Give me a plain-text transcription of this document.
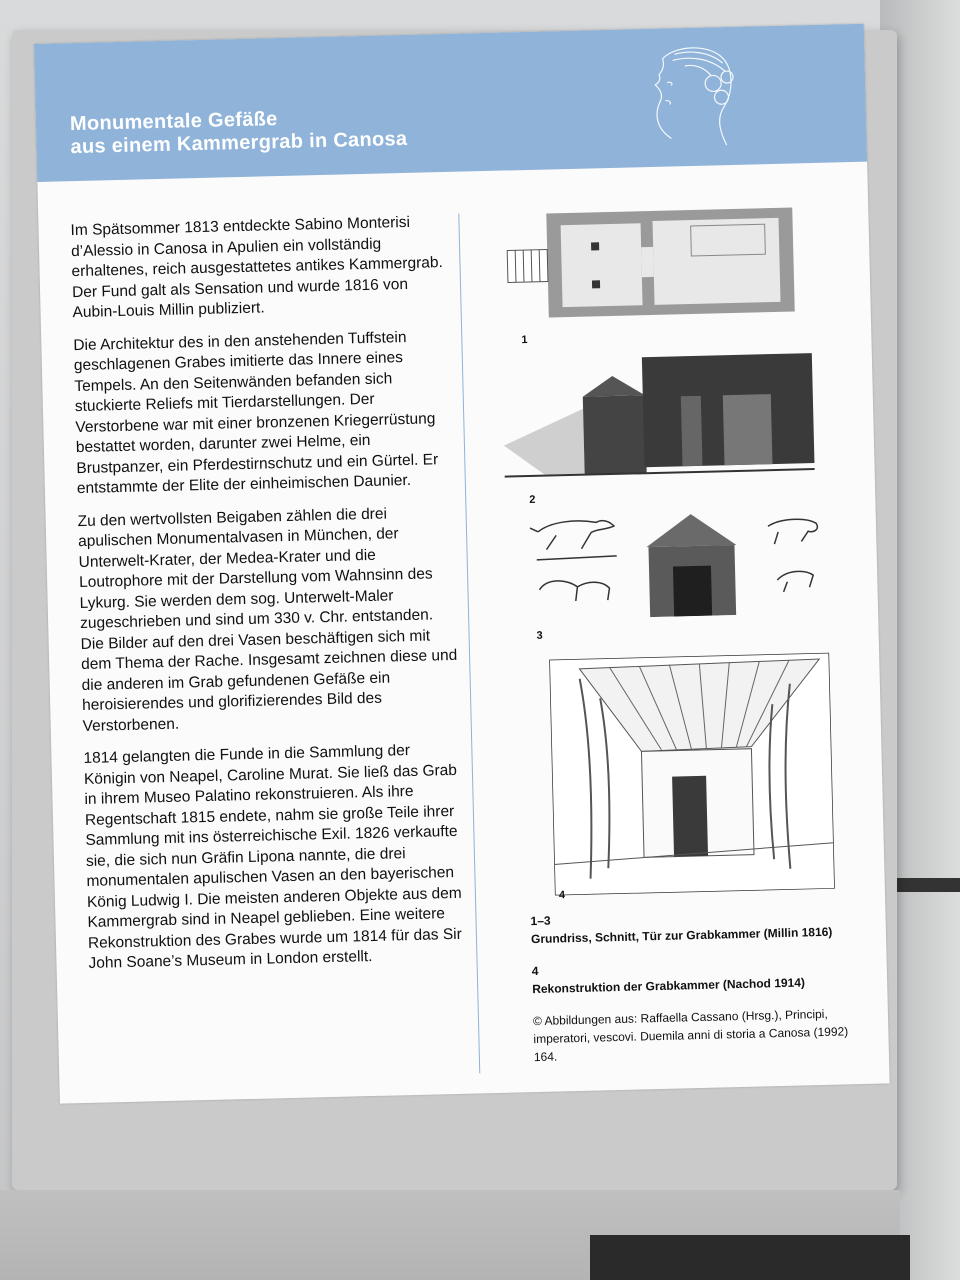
Monumentale Gefäße
aus einem Kammergrab in Canosa

Im Spätsommer 1813 entdeckte Sabino Monterisi d’Alessio in Canosa in Apulien ein vollständig erhaltenes, reich ausgestattetes antikes Kammergrab. Der Fund galt als Sensation und wurde 1816 von Aubin-Louis Millin publiziert.

Die Architektur des in den anstehenden Tuffstein geschlagenen Grabes imitierte das Innere eines Tempels. An den Seitenwänden befanden sich stuckierte Reliefs mit Tierdarstellungen. Der Verstorbene war mit einer bronzenen Kriegerrüstung bestattet worden, darunter zwei Helme, ein Brustpanzer, ein Pferdestirnschutz und ein Gürtel. Er entstammte der Elite der einheimischen Daunier.

Zu den wertvollsten Beigaben zählen die drei apulischen Monumentalvasen in München, der Unterwelt-Krater, der Medea-Krater und die Loutrophore mit der Darstellung vom Wahnsinn des Lykurg. Sie werden dem sog. Unterwelt-Maler zugeschrieben und sind um 330 v. Chr. entstanden. Die Bilder auf den drei Vasen beschäftigen sich mit dem Thema der Rache. Insgesamt zeichnen diese und die anderen im Grab gefundenen Gefäße ein heroisierendes und glorifizierendes Bild des Verstorbenen.

1814 gelangten die Funde in die Sammlung der Königin von Neapel, Caroline Murat. Sie ließ das Grab in ihrem Museo Palatino rekonstruieren. Als ihre Regentschaft 1815 endete, nahm sie große Teile ihrer Sammlung mit ins österreichische Exil. 1826 verkaufte sie, die sich nun Gräfin Lipona nannte, die drei monumentalen apulischen Vasen an den bayerischen König Ludwig I. Die meisten anderen Objekte aus dem Kammergrab sind in Neapel geblieben. Eine weitere Rekonstruktion des Grabes wurde um 1814 für das Sir John Soane’s Museum in London erstellt.

1
2
3
4
1–3
Grundriss, Schnitt, Tür zur Grabkammer (Millin 1816)
4
Rekonstruktion der Grabkammer (Nachod 1914)
© Abbildungen aus: Raffaella Cassano (Hrsg.), Principi, imperatori, vescovi. Duemila anni di storia a Canosa (1992) 164.
